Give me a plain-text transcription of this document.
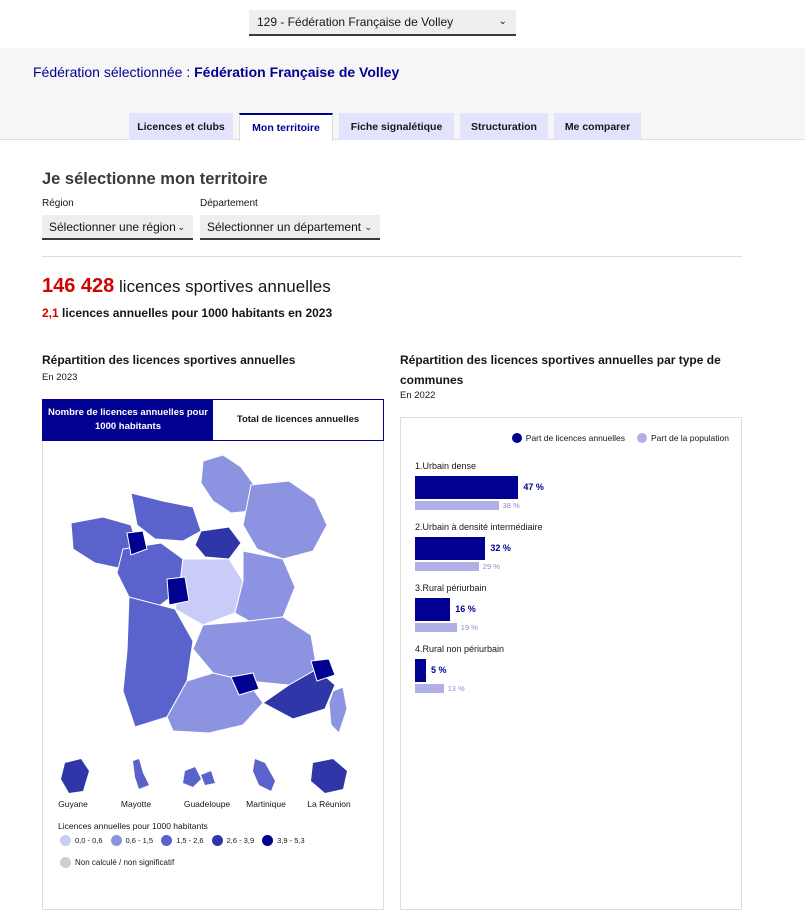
129 - Fédération Française de Volley	⌄
Fédération sélectionnée : Fédération Française de Volley
Licences et clubs	Mon territoire	Fiche signalétique	Structuration	Me comparer
Je sélectionne mon territoire
Région	Département
Sélectionner une région ⌄	Sélectionner un département ⌄
146 428 licences sportives annuelles
2,1 licences annuelles pour 1000 habitants en 2023
Répartition des licences sportives annuelles
En 2023
Nombre de licences annuelles pour 1000 habitants
Total de licences annuelles
Guyane	Mayotte	Guadeloupe	Martinique	La Réunion
Licences annuelles pour 1000 habitants
0,0 - 0,6	0,6 - 1,5	1,5 - 2,6	2,6 - 3,9	3,9 - 5,3
Non calculé / non significatif
Répartition des licences sportives annuelles par type de communes
En 2022
Part de licences annuelles	Part de la population
1.Urbain dense
47 %
38 %
2.Urbain à densité intermédiaire
32 %
29 %
3.Rural périurbain
16 %
19 %
4.Rural non périurbain
5 %
13 %
